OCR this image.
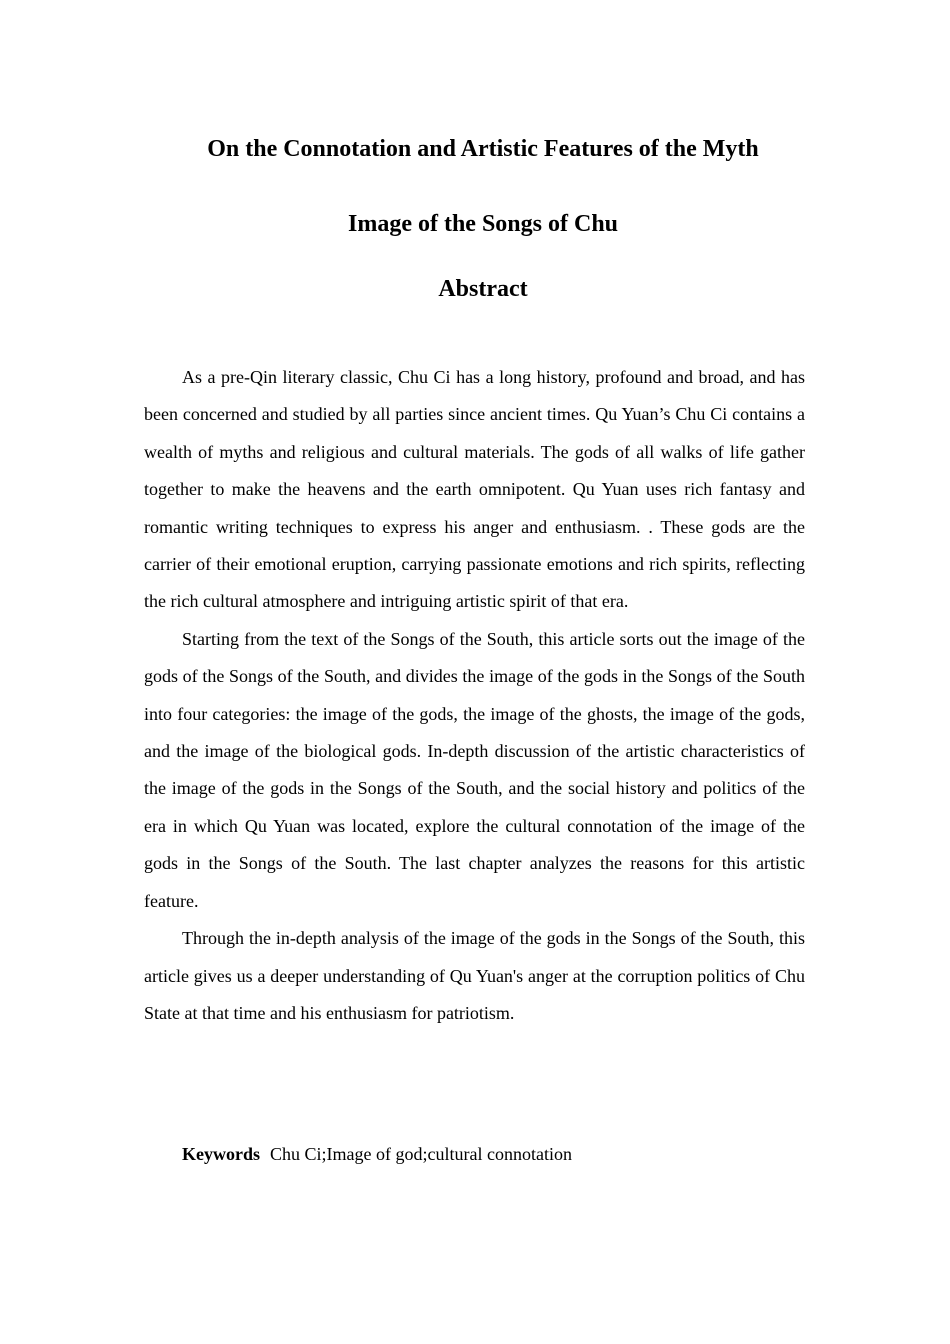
On the Connotation and Artistic Features of the Myth
Image of the Songs of Chu
Abstract

As a pre-Qin literary classic, Chu Ci has a long history, profound and broad, and has been concerned and studied by all parties since ancient times. Qu Yuan’s Chu Ci contains a wealth of myths and religious and cultural materials. The gods of all walks of life gather together to make the heavens and the earth omnipotent. Qu Yuan uses rich fantasy and romantic writing techniques to express his anger and enthusiasm. . These gods are the carrier of their emotional eruption, carrying passionate emotions and rich spirits, reflecting the rich cultural atmosphere and intriguing artistic spirit of that era.

Starting from the text of the Songs of the South, this article sorts out the image of the gods of the Songs of the South, and divides the image of the gods in the Songs of the South into four categories: the image of the gods, the image of the ghosts, the image of the gods, and the image of the biological gods. In-depth discussion of the artistic characteristics of the image of the gods in the Songs of the South, and the social history and politics of the era in which Qu Yuan was located, explore the cultural connotation of the image of the gods in the Songs of the South. The last chapter analyzes the reasons for this artistic feature.

Through the in-depth analysis of the image of the gods in the Songs of the South, this article gives us a deeper understanding of Qu Yuan's anger at the corruption politics of Chu State at that time and his enthusiasm for patriotism.

Keywords Chu Ci;Image of god;cultural connotation
